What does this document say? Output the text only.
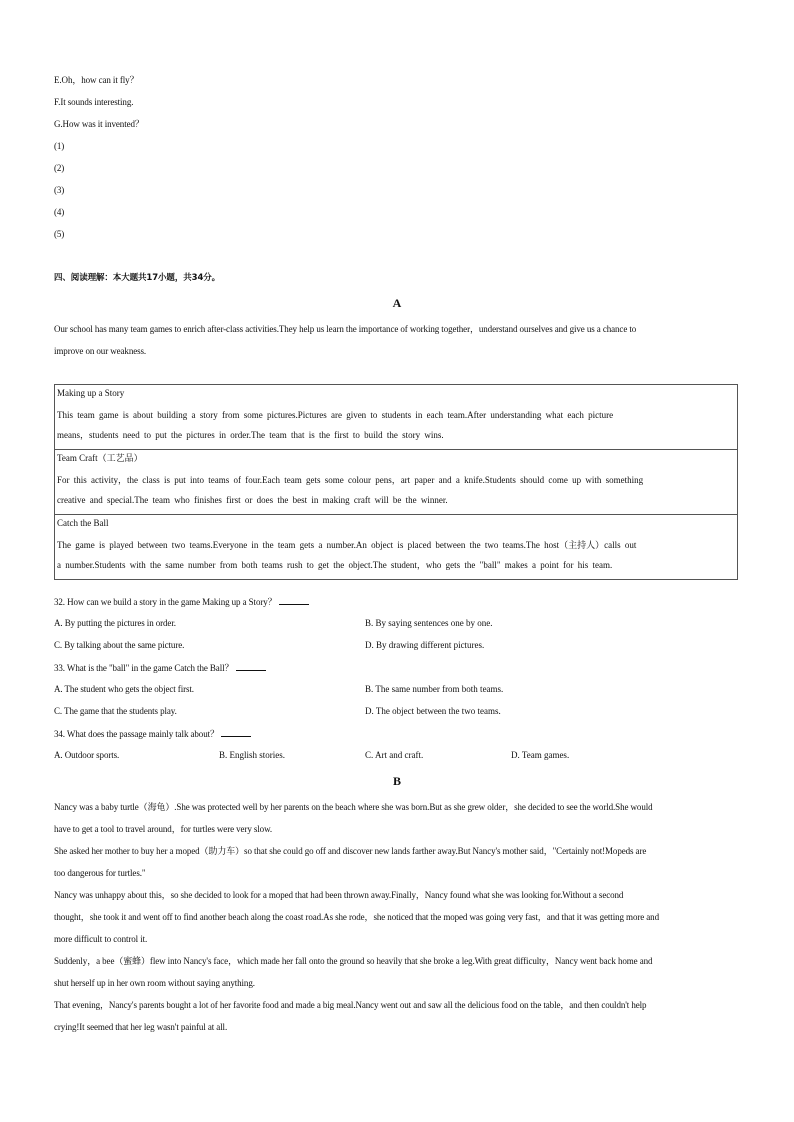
E.Oh，how can it fly？
F.It sounds interesting.
G.How was it invented？
(1)
(2)
(3)
(4)
(5)
四、阅读理解：本大题共17小题，共34分。
A
Our school has many team games to enrich after-class activities.They help us learn the importance of working together，understand ourselves and give us a chance to
improve on our weakness.
Making up a Story
This team game is about building a story from some pictures.Pictures are given to students in each team.After understanding what each picture
means，students need to put the pictures in order.The team that is the first to build the story wins.

Team Craft（工艺品）
For this activity，the class is put into teams of four.Each team gets some colour pens，art paper and a knife.Students should come up with something
creative and special.The team who finishes first or does the best in making craft will be the winner.

Catch the Ball
The game is played between two teams.Everyone in the team gets a number.An object is placed between the two teams.The host（主持人）calls out
a number.Students with the same number from both teams rush to get the object.The student，who gets the "ball" makes a point for his team.
32. How can we build a story in the game Making up a Story？
A. By putting the pictures in order.	B. By saying sentences one by one.
C. By talking about the same picture.	D. By drawing different pictures.
33. What is the "ball" in the game Catch the Ball？
A. The student who gets the object first.	B. The same number from both teams.
C. The game that the students play.	D. The object between the two teams.
34. What does the passage mainly talk about？
A. Outdoor sports.	B. English stories.	C. Art and craft.	D. Team games.
B
Nancy was a baby turtle（海龟）.She was protected well by her parents on the beach where she was born.But as she grew older，she decided to see the world.She would
have to get a tool to travel around，for turtles were very slow.
She asked her mother to buy her a moped（助力车）so that she could go off and discover new lands farther away.But Nancy's mother said，"Certainly not!Mopeds are
too dangerous for turtles."
Nancy was unhappy about this，so she decided to look for a moped that had been thrown away.Finally，Nancy found what she was looking for.Without a second
thought，she took it and went off to find another beach along the coast road.As she rode，she noticed that the moped was going very fast，and that it was getting more and
more difficult to control it.
Suddenly，a bee（蜜蜂）flew into Nancy's face，which made her fall onto the ground so heavily that she broke a leg.With great difficulty，Nancy went back home and
shut herself up in her own room without saying anything.
That evening，Nancy's parents bought a lot of her favorite food and made a big meal.Nancy went out and saw all the delicious food on the table，and then couldn't help
crying!It seemed that her leg wasn't painful at all.
